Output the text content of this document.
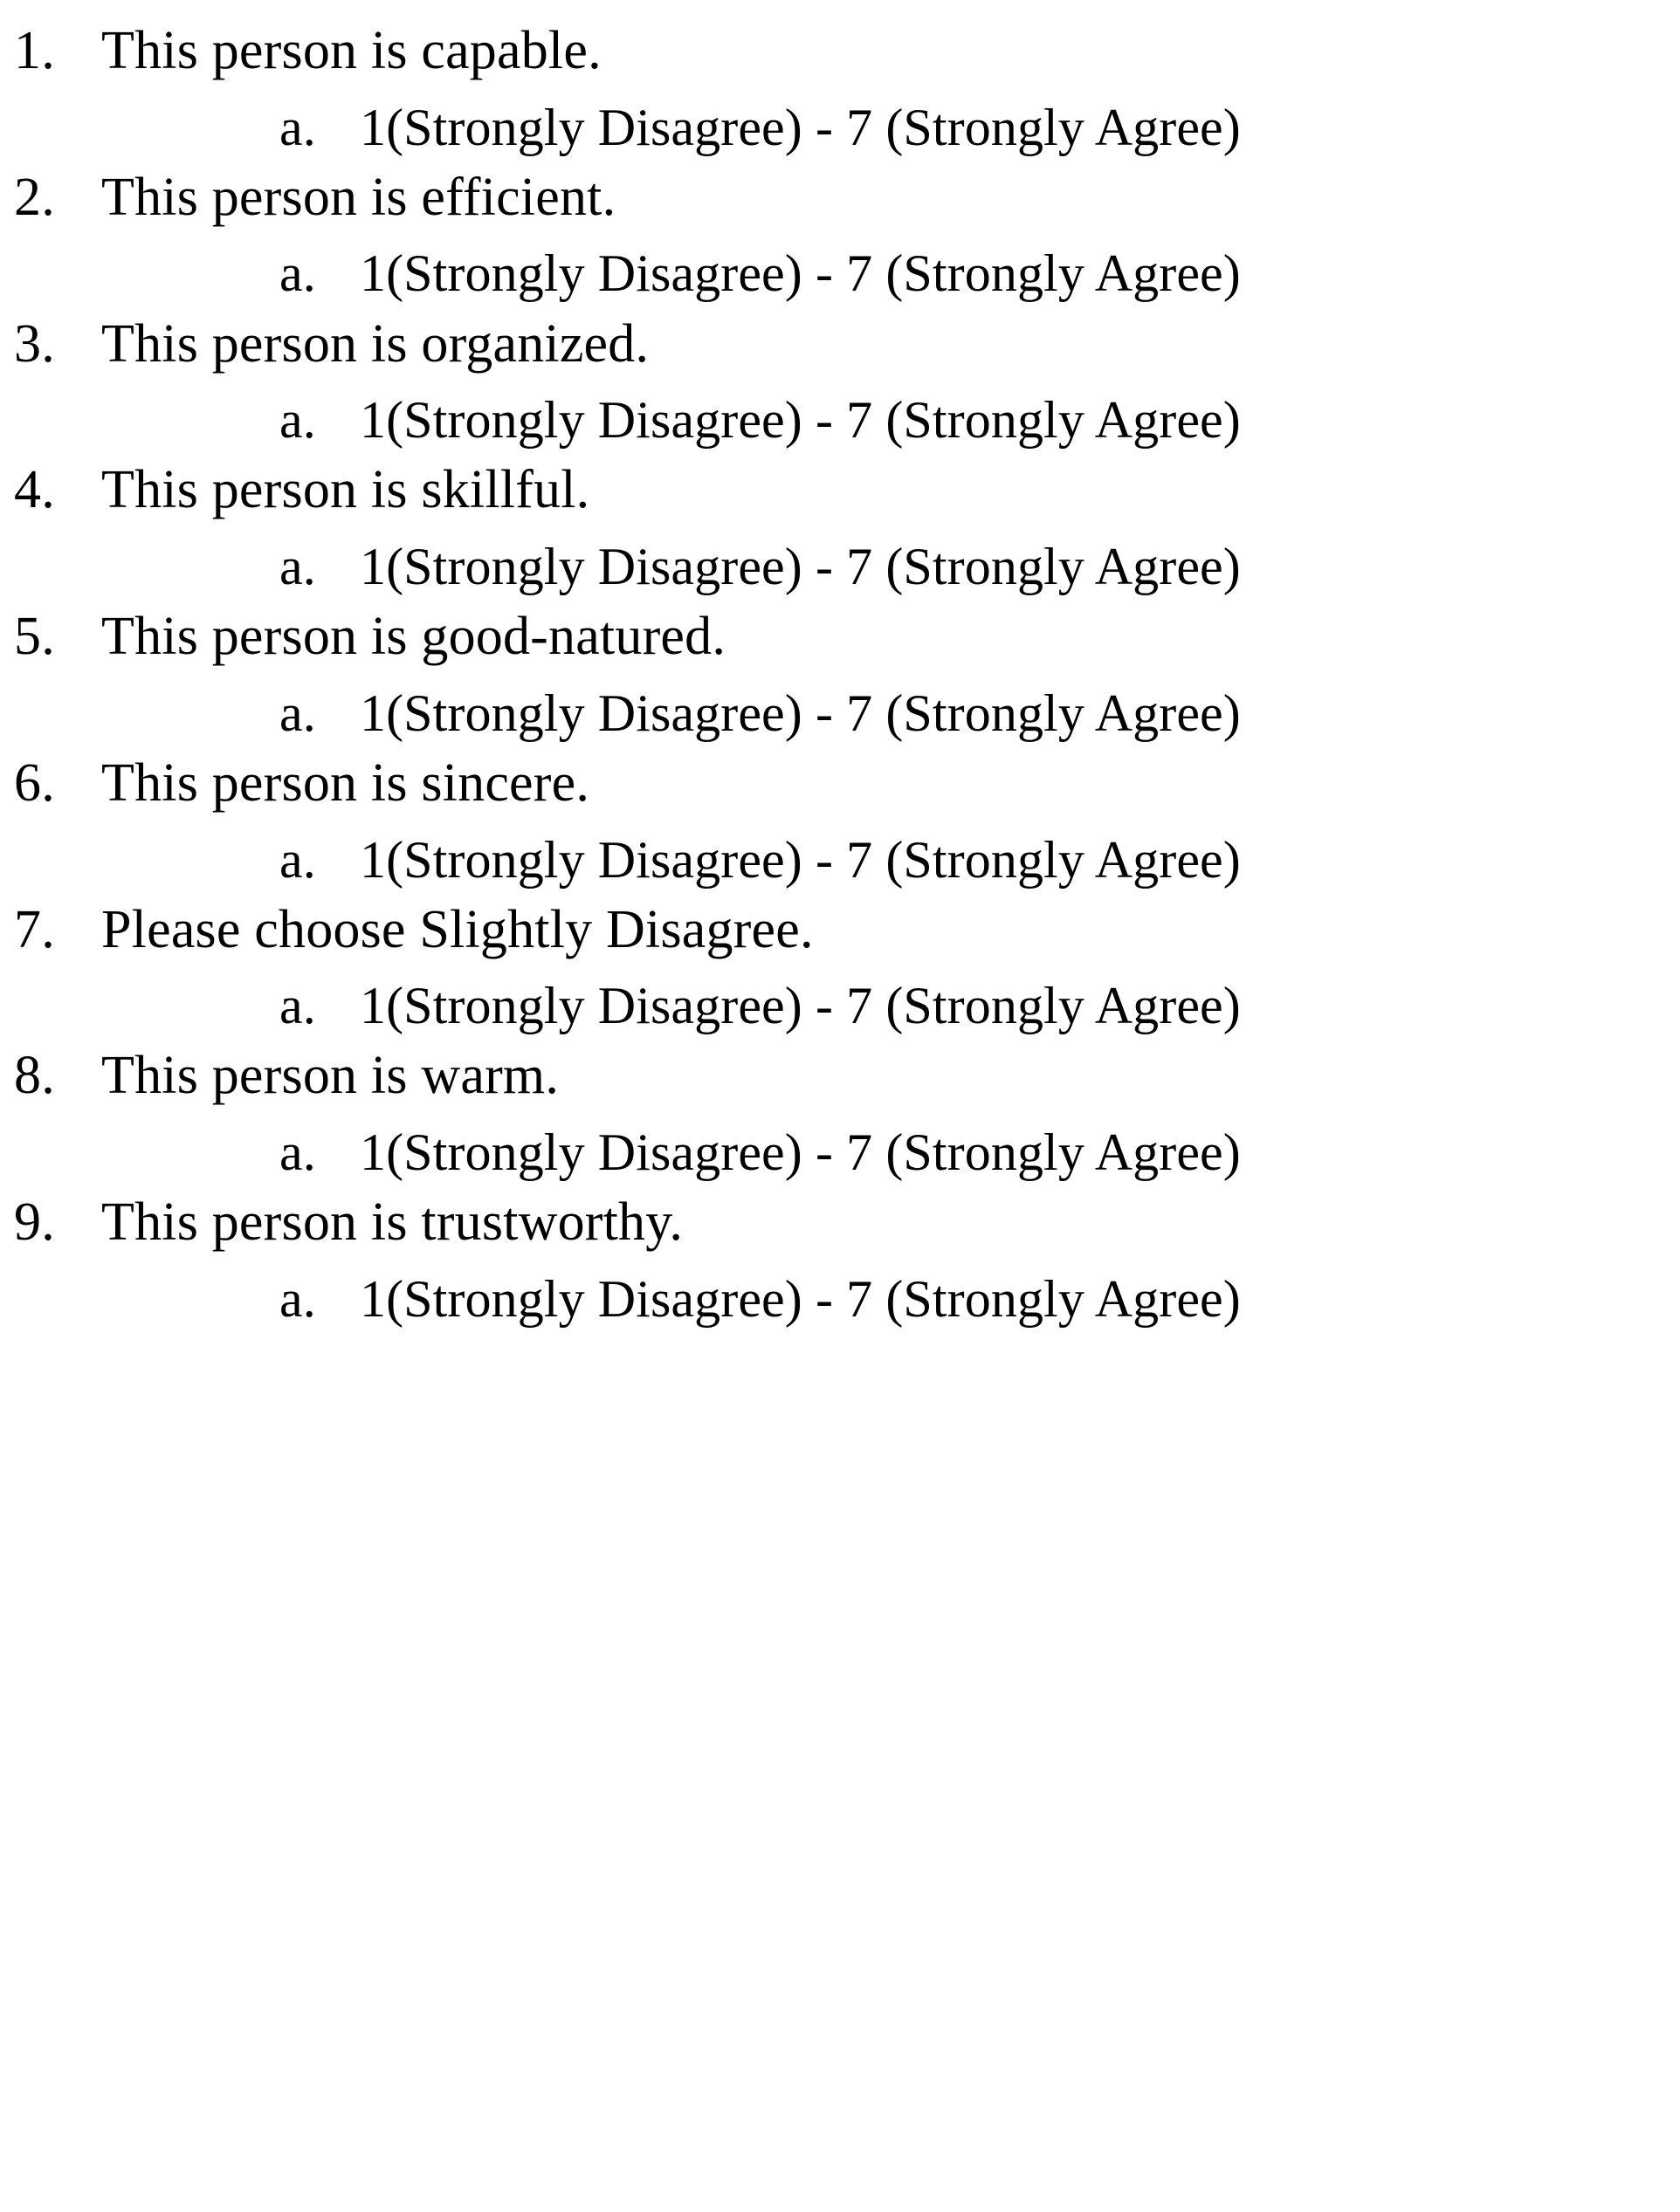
1. This person is capable.
a. 1(Strongly Disagree) - 7 (Strongly Agree)
2. This person is efficient.
a. 1(Strongly Disagree) - 7 (Strongly Agree)
3. This person is organized.
a. 1(Strongly Disagree) - 7 (Strongly Agree)
4. This person is skillful.
a. 1(Strongly Disagree) - 7 (Strongly Agree)
5. This person is good-natured.
a. 1(Strongly Disagree) - 7 (Strongly Agree)
6. This person is sincere.
a. 1(Strongly Disagree) - 7 (Strongly Agree)
7. Please choose Slightly Disagree.
a. 1(Strongly Disagree) - 7 (Strongly Agree)
8. This person is warm.
a. 1(Strongly Disagree) - 7 (Strongly Agree)
9. This person is trustworthy.
a. 1(Strongly Disagree) - 7 (Strongly Agree)
